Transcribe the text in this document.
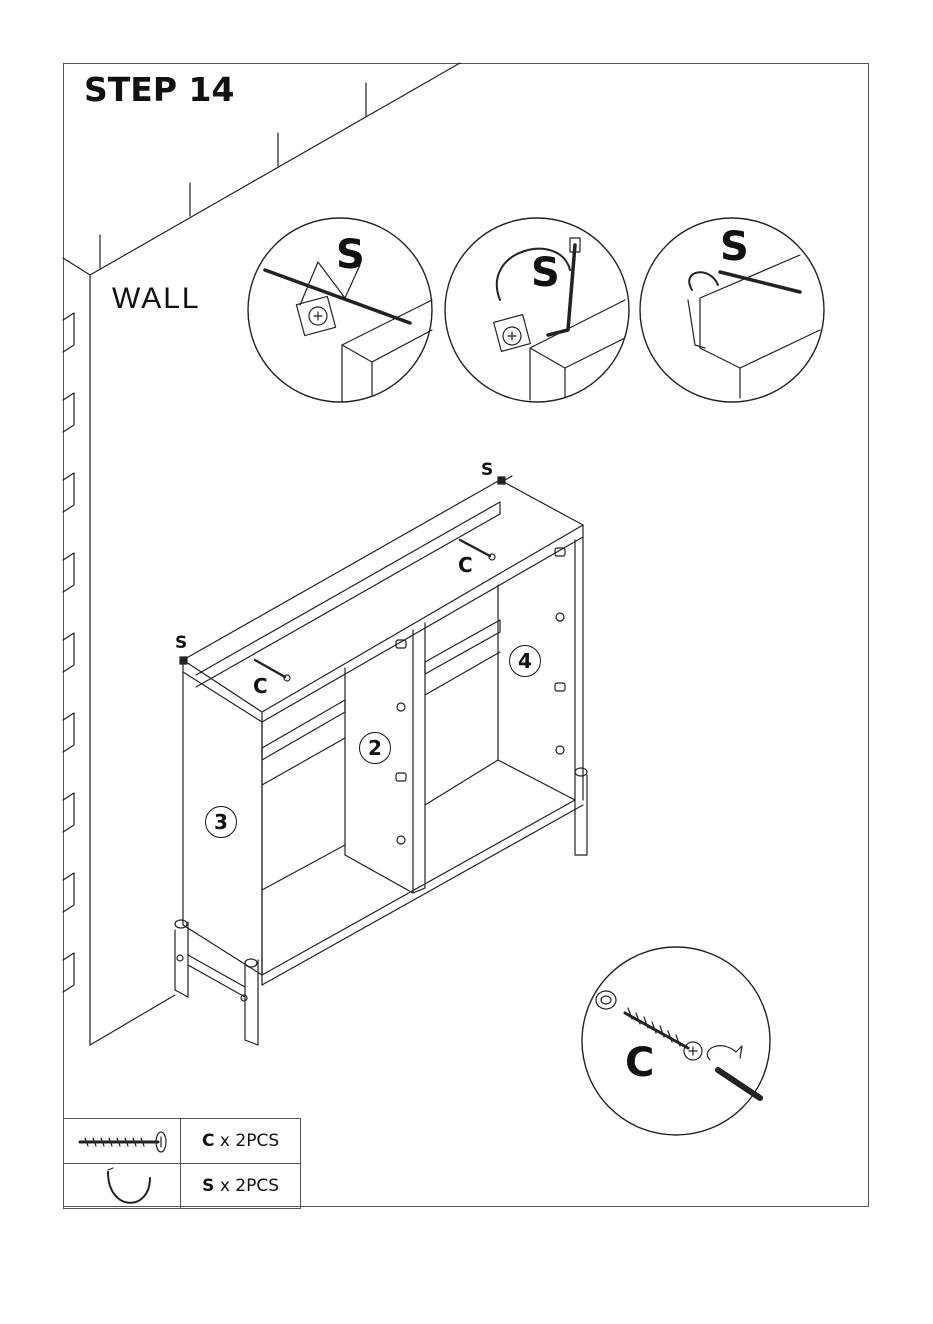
STEP 14
WALL
S	S
S
C
S
S
C
C
2
3
4
	C x 2PCS
	S x 2PCS
